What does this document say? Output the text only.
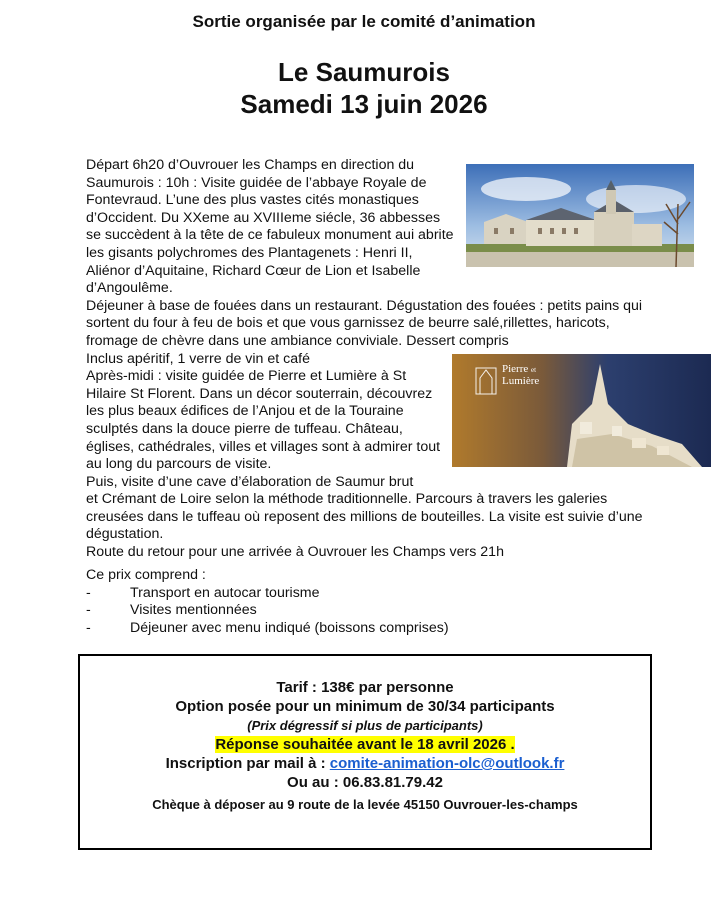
Sortie organisée par le comité d’animation
Le Saumurois
Samedi 13 juin 2026
Pierre et
Lumière

Départ 6h20 d’Ouvrouer les Champs en direction du Saumurois : 10h : Visite guidée de l’abbaye Royale de Fontevraud. L’une des plus vastes cités monastiques d’Occident. Du XXeme au XVIIIeme siécle, 36 abbesses se succèdent à la tête de ce fabuleux monument aui abrite les gisants polychromes des Plantagenets : Henri II, Aliénor d’Aquitaine, Richard Cœur de Lion et Isabelle d’Angoulême.

Déjeuner à base de fouées dans un restaurant. Dégustation des fouées : petits pains qui sortent du four à feu de bois et que vous garnissez de beurre salé,rillettes, haricots, fromage de chèvre dans une ambiance conviviale. Dessert compris

Inclus apéritif, 1 verre de vin et café

Après-midi : visite guidée de Pierre et Lumière à St Hilaire St Florent. Dans un décor souterrain, découvrez les plus beaux édifices de l’Anjou et de la Touraine sculptés dans la douce pierre de tuffeau. Château, églises, cathédrales, villes et villages sont à admirer tout au long du parcours de visite.

Puis, visite d’une cave d’élaboration de Saumur brut

et Crémant de Loire selon la méthode traditionnelle. Parcours à travers les galeries creusées dans le tuffeau où reposent des millions de bouteilles. La visite est suivie d’une dégustation.

Route du retour pour une arrivée à Ouvrouer les Champs vers 21h

Ce prix comprend :
-	Transport en autocar tourisme
-	Visites mentionnées
-	Déjeuner avec menu indiqué (boissons comprises)
Tarif : 138€ par personne
Option posée pour un minimum de 30/34 participants
(Prix dégressif si plus de participants)
Réponse souhaitée avant le 18 avril 2026 .
Inscription par mail à : comite-animation-olc@outlook.fr
Ou au : 06.83.81.79.42
Chèque à déposer au 9 route de la levée 45150 Ouvrouer-les-champs
